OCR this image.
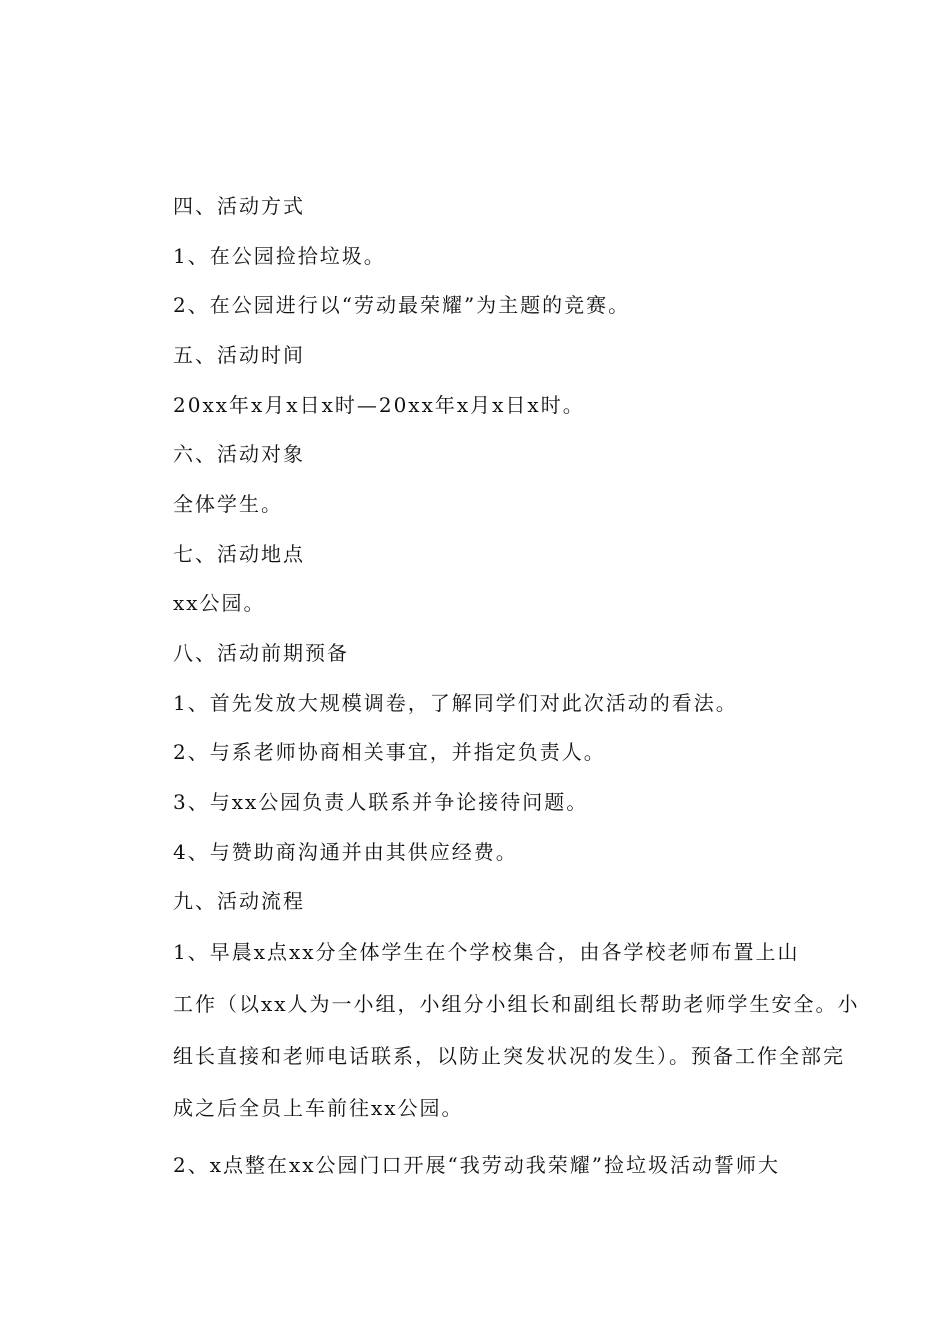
四、活动方式
1、在公园捡拾垃圾。
2、在公园进行以“劳动最荣耀”为主题的竞赛。
五、活动时间
20xx年x月x日x时—20xx年x月x日x时。
六、活动对象
全体学生。
七、活动地点
xx公园。
八、活动前期预备
1、首先发放大规模调卷，了解同学们对此次活动的看法。
2、与系老师协商相关事宜，并指定负责人。
3、与xx公园负责人联系并争论接待问题。
4、与赞助商沟通并由其供应经费。
九、活动流程
1、早晨x点xx分全体学生在个学校集合，由各学校老师布置上山
工作（以xx人为一小组，小组分小组长和副组长帮助老师学生安全。小
组长直接和老师电话联系，以防止突发状况的发生）。预备工作全部完
成之后全员上车前往xx公园。
2、x点整在xx公园门口开展“我劳动我荣耀”捡垃圾活动誓师大
